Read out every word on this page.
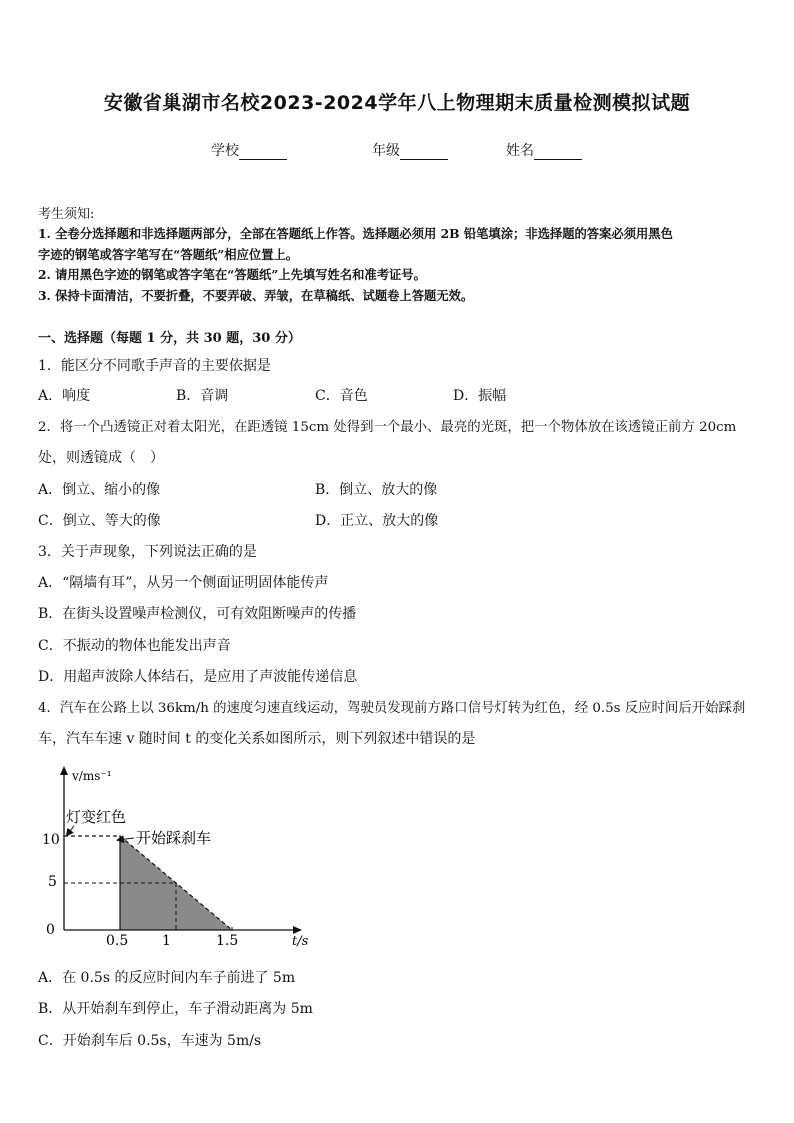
安徽省巢湖市名校2023-2024学年八上物理期末质量检测模拟试题
学校	年级	姓名
考生须知:
1. 全卷分选择题和非选择题两部分，全部在答题纸上作答。选择题必须用 2B 铅笔填涂；非选择题的答案必须用黑色
字迹的钢笔或答字笔写在“答题纸”相应位置上。
2. 请用黑色字迹的钢笔或答字笔在“答题纸”上先填写姓名和准考证号。
3. 保持卡面清洁，不要折叠，不要弄破、弄皱，在草稿纸、试题卷上答题无效。
一、选择题（每题 1 分，共 30 题，30 分）
1．能区分不同歌手声音的主要依据是
A．响度	B．音调	C．音色	D．振幅
2．将一个凸透镜正对着太阳光，在距透镜 15cm 处得到一个最小、最亮的光斑，把一个物体放在该透镜正前方 20cm
处，则透镜成（　）
A．倒立、缩小的像	B．倒立、放大的像
C．倒立、等大的像	D．正立、放大的像
3．关于声现象，下列说法正确的是
A．“隔墙有耳”，从另一个侧面证明固体能传声
B．在街头设置噪声检测仪，可有效阻断噪声的传播
C．不振动的物体也能发出声音
D．用超声波除人体结石，是应用了声波能传递信息
4．汽车在公路上以 36km/h 的速度匀速直线运动，驾驶员发现前方路口信号灯转为红色，经 0.5s 反应时间后开始踩刹
车，汽车车速 v 随时间 t 的变化关系如图所示，则下列叙述中错误的是
v/ms⁻¹
t/s
0
5
10
0.5 1	1.5
灯变红色
开始踩刹车
A．在 0.5s 的反应时间内车子前进了 5m
B．从开始刹车到停止，车子滑动距离为 5m
C．开始刹车后 0.5s，车速为 5m/s
